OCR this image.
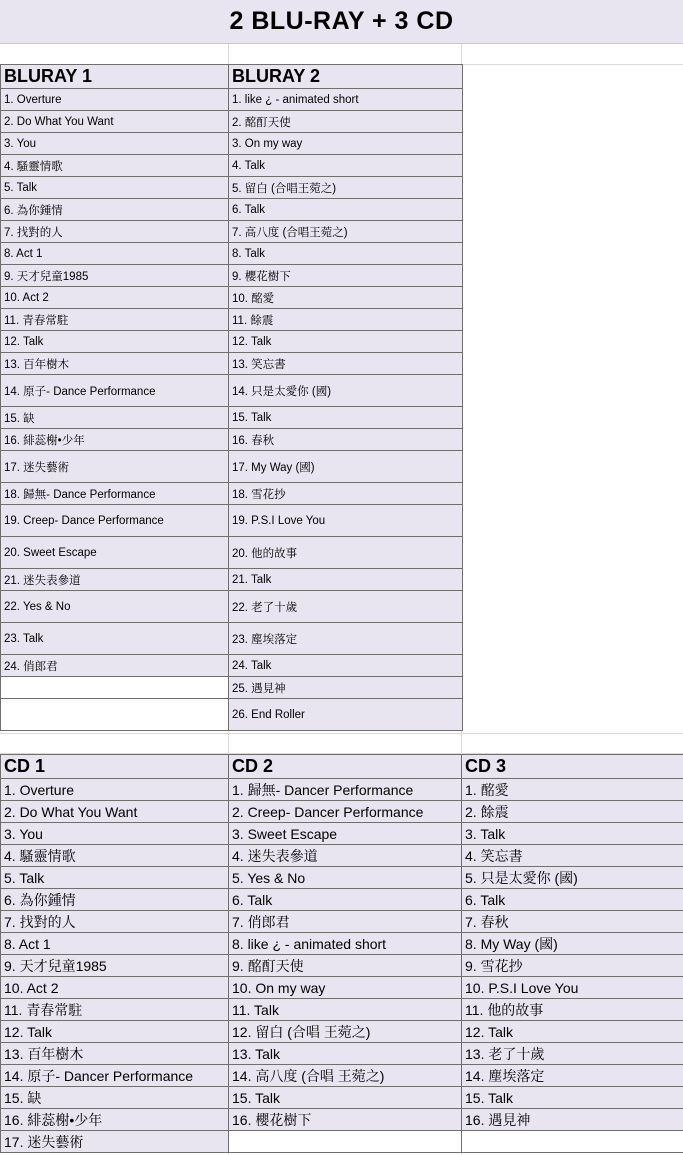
2 BLU-RAY + 3 CD
BLURAY 1	BLURAY 2
1. Overture	1. like ¿ - animated short
2. Do What You Want	2. 酩酊天使
3. You	3. On my way
4. 騷靈情歌	4. Talk
5. Talk	5. 留白 (合唱王菀之)
6. 為你鍾情	6. Talk
7. 找對的人	7. 高八度 (合唱王菀之)
8. Act 1	8. Talk
9. 天才兒童1985	9. 櫻花樹下
10. Act 2	10. 酩愛
11. 青春常駐	11. 餘震
12. Talk	12. Talk
13. 百年樹木	13. 笑忘書
14. 原子- Dance Performance	14. 只是太愛你 (國)
15. 缺	15. Talk
16. 緋蕊榭•少年	16. 春秋
17. 迷失藝術	17. My Way (國)
18. 歸無- Dance Performance	18. 雪花抄
19. Creep- Dance Performance	19. P.S.I Love You
20. Sweet Escape	20. 他的故事
21. 迷失表參道	21. Talk
22. Yes & No	22. 老了十歲
23. Talk	23. 塵埃落定
24. 俏郎君	24. Talk
	25. 遇見神
	26. End Roller
CD 1	CD 2	CD 3
1. Overture	1. 歸無- Dancer Performance	1. 酩愛
2. Do What You Want	2. Creep- Dancer Performance	2. 餘震
3. You	3. Sweet Escape	3. Talk
4. 騷靈情歌	4. 迷失表參道	4. 笑忘書
5. Talk	5. Yes & No	5. 只是太愛你 (國)
6. 為你鍾情	6. Talk	6. Talk
7. 找對的人	7. 俏郎君	7. 春秋
8. Act 1	8. like ¿ - animated short	8. My Way (國)
9. 天才兒童1985	9. 酩酊天使	9. 雪花抄
10. Act 2	10. On my way	10. P.S.I Love You
11. 青春常駐	11. Talk	11. 他的故事
12. Talk	12. 留白 (合唱 王菀之)	12. Talk
13. 百年樹木	13. Talk	13. 老了十歲
14. 原子- Dancer Performance	14. 高八度 (合唱 王菀之)	14. 塵埃落定
15. 缺	15. Talk	15. Talk
16. 緋蕊榭•少年	16. 櫻花樹下	16. 遇見神
17. 迷失藝術		
